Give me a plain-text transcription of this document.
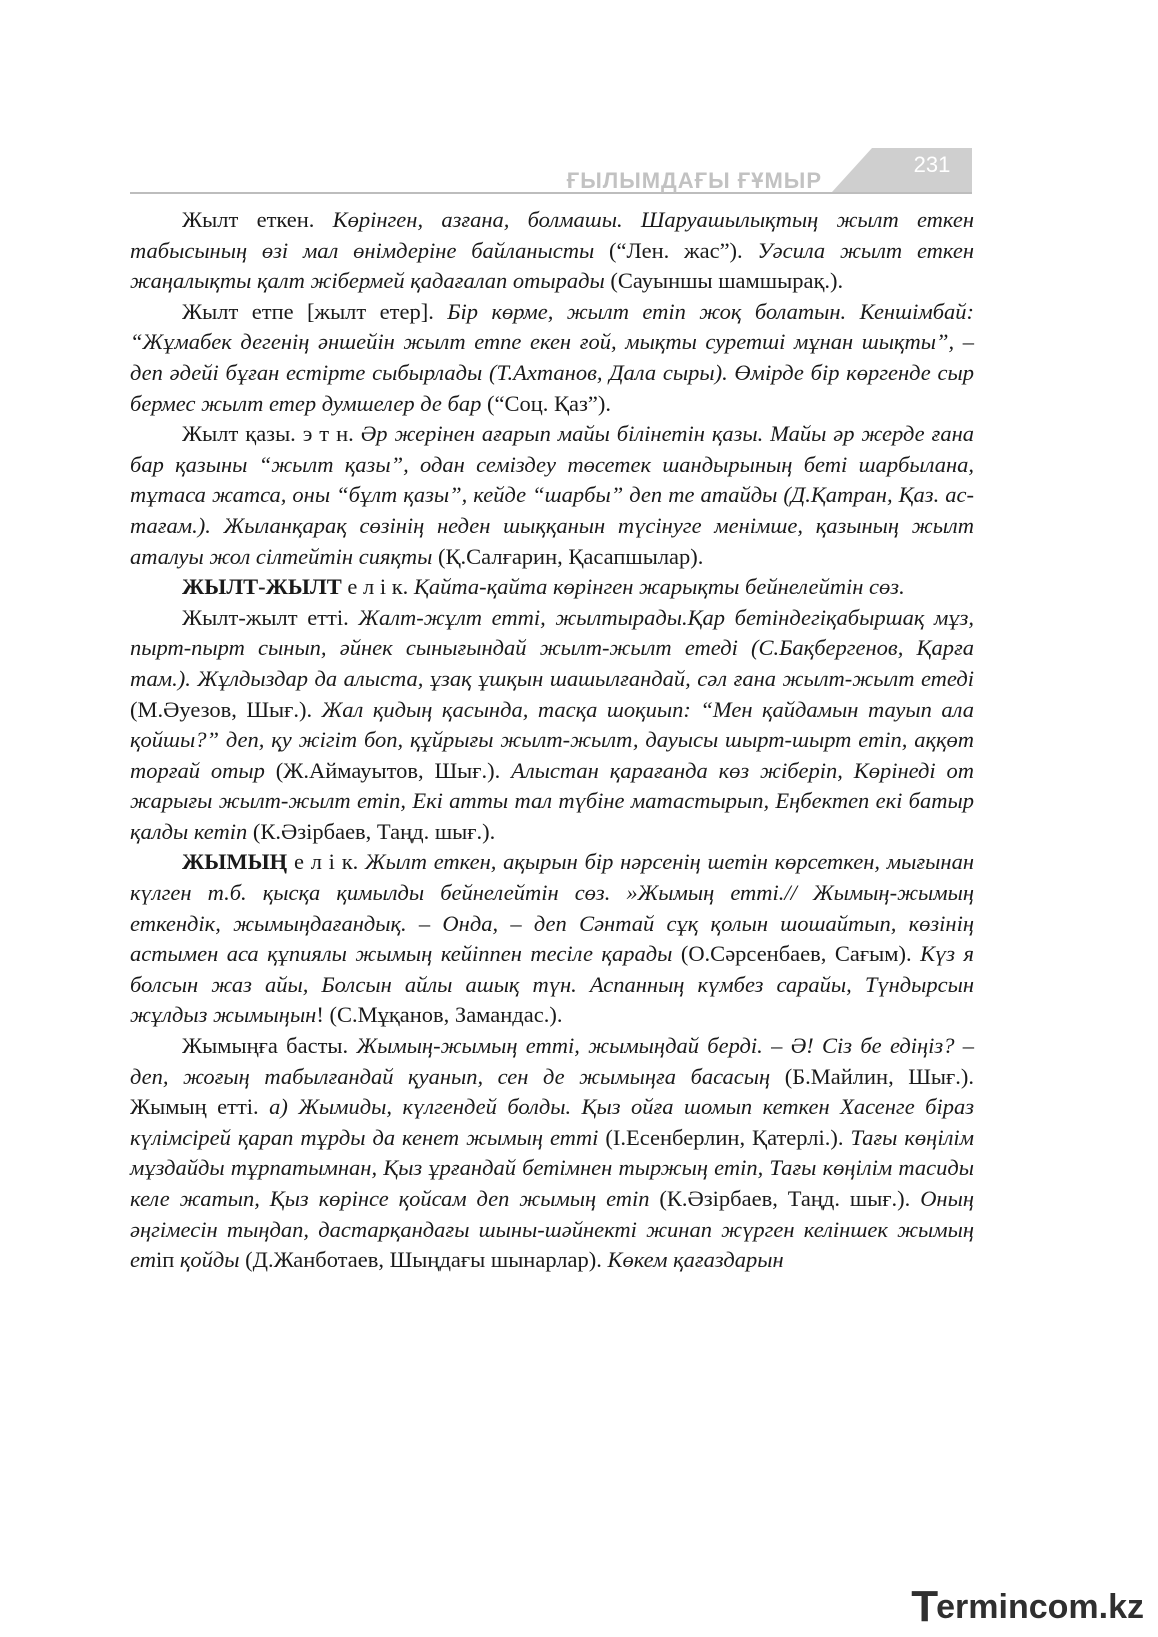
ҒЫЛЫМДАҒЫ ҒҰМЫР
231

Жылт еткен. Көрінген, азғана, болмашы. Шаруашылықтың жылт еткен табысының өзі мал өнімдеріне байланысты (“Лен. жас”). Уәсила жылт еткен жаңалықты қалт жібермей қадағалап отырады (Сауыншы шамшырақ.).

Жылт етпе [жылт етер]. Бір көрме, жылт етіп жоқ болатын. Кеншімбай: “Жұмабек дегенің әншейін жылт етпе екен ғой, мықты суретші мұнан шықты”, – деп әдейі бұған естірте сыбырлады (Т.Ахтанов, Дала сыры). Өмірде бір көргенде сыр бермес жылт етер думшелер де бар (“Соц. Қаз”).

Жылт қазы. э т н. Әр жерінен ағарып майы білінетін қазы. Майы әр жерде ғана бар қазыны “жылт қазы”, одан семіздеу төсетек шандырының беті шарбылана, тұтаса жатса, оны “бұлт қазы”, кейде “шарбы” деп те атайды (Д.Қатран, Қаз. ас-тағам.). Жыланқарақ сөзінің неден шыққанын түсінуге менімше, қазының жылт аталуы жол сілтейтін сияқты (Қ.Салғарин, Қасапшылар).

ЖЫЛТ-ЖЫЛТ е л і к. Қайта-қайта көрінген жарықты бейнелейтін сөз.

Жылт-жылт етті. Жалт-жұлт етті, жылтырады.Қар бетіндегіқабыршақ мұз, пырт-пырт сынып, әйнек сынығындай жылт-жылт етеді (С.Бақбергенов, Қарға там.). Жұлдыздар да алыста, ұзақ ұшқын шашылғандай, сәл ғана жылт-жылт етеді (М.Әуезов, Шығ.). Жал қидың қасында, тасқа шоқиып: “Мен қайдамын тауып ала қойшы?” деп, қу жігіт боп, құйрығы жылт-жылт, дауысы шырт-шырт етіп, аққөт торғай отыр (Ж.Аймауытов, Шығ.). Алыстан қарағанда көз жіберіп, Көрінеді от жарығы жылт-жылт етіп, Екі атты тал түбіне матастырып, Еңбектеп екі батыр қалды кетіп (К.Әзірбаев, Таңд. шығ.).

ЖЫМЫҢ е л і к. Жылт еткен, ақырын бір нәрсенің шетін көрсеткен, мығынан күлген т.б. қысқа қимылды бейнелейтін сөз. »Жымың етті.// Жымың-жымың еткендік, жымыңдағандық. – Онда, – деп Сәнтай сұқ қолын шошайтып, көзінің астымен аса құпиялы жымың кейіппен тесіле қарады (О.Сәрсенбаев, Сағым). Күз я болсын жаз айы, Болсын айлы ашық түн. Аспанның күмбез сарайы, Түндырсын жұлдыз жымыңын! (С.Мұқанов, Замандас.).

Жымыңға басты. Жымың-жымың етті, жымыңдай берді. – Ә! Сіз бе едіңіз? – деп, жоғың табылғандай қуанып, сен де жымыңға басасың (Б.Майлин, Шығ.). Жымың етті. а) Жымиды, күлгендей болды. Қыз ойға шомып кеткен Хасенге біраз күлімсірей қарап тұрды да кенет жымың етті (І.Есенберлин, Қатерлі.). Тағы көңілім мұздайды тұрпатымнан, Қыз ұрғандай бетімнен тыржың етіп, Тағы көңілім тасиды келе жатып, Қыз көрінсе қойсам деп жымың етіп (К.Әзірбаев, Таңд. шығ.). Оның әңгімесін тыңдап, дастарқандағы шыны-шәйнекті жинап жүрген келіншек жымың етіп қойды (Д.Жанботаев, Шыңдағы шынарлар). Көкем қағаздарын

T
erminc o m.kz
